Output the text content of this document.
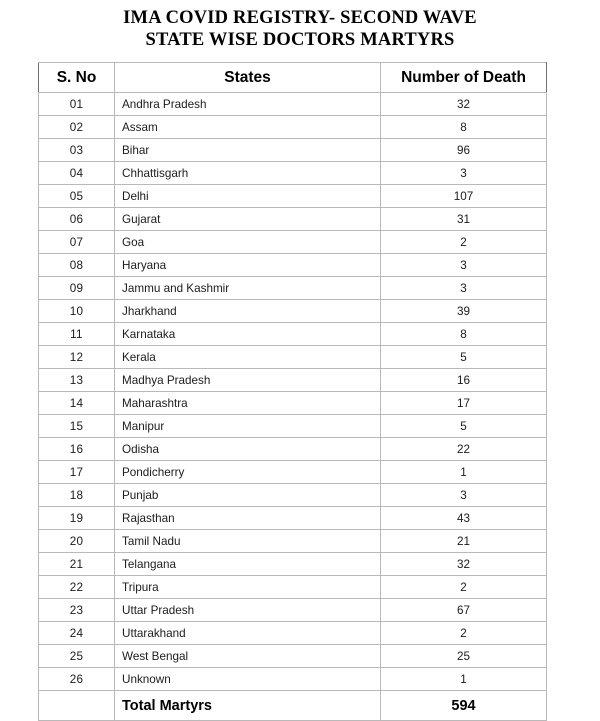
IMA COVID REGISTRY- SECOND WAVE
STATE WISE DOCTORS MARTYRS
S. No	States	Number of Death
01	Andhra Pradesh	32
02	Assam	8
03	Bihar	96
04	Chhattisgarh	3
05	Delhi	107
06	Gujarat	31
07	Goa	2
08	Haryana	3
09	Jammu and Kashmir	3
10	Jharkhand	39
11	Karnataka	8
12	Kerala	5
13	Madhya Pradesh	16
14	Maharashtra	17
15	Manipur	5
16	Odisha	22
17	Pondicherry	1
18	Punjab	3
19	Rajasthan	43
20	Tamil Nadu	21
21	Telangana	32
22	Tripura	2
23	Uttar Pradesh	67
24	Uttarakhand	2
25	West Bengal	25
26	Unknown	1
	Total Martyrs	594
